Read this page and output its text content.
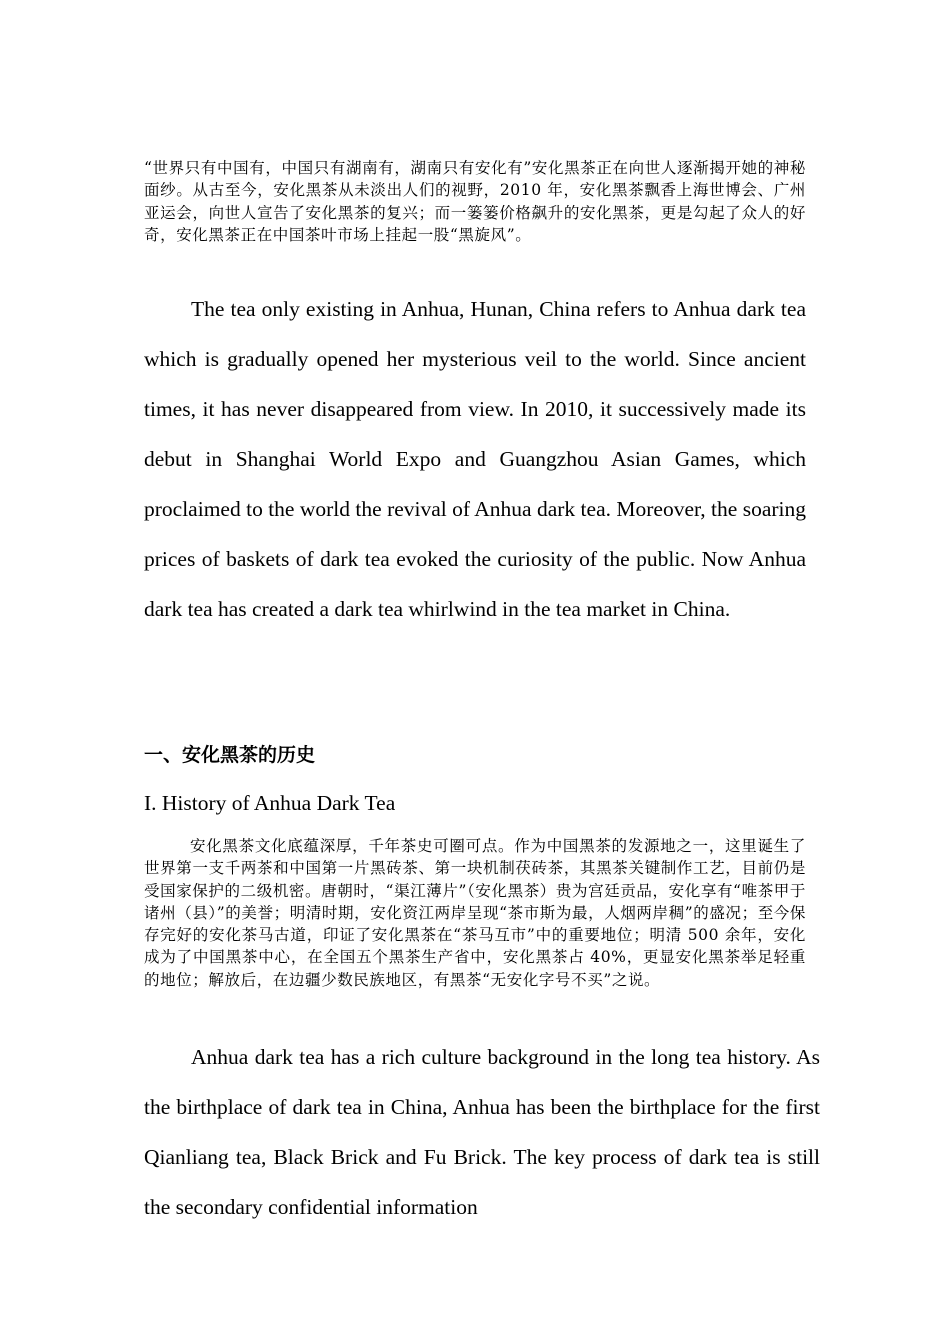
“世界只有中国有，中国只有湖南有，湖南只有安化有”安化黑茶正在向世人逐渐揭开她的神秘面纱。从古至今，安化黑茶从未淡出人们的视野，2010 年，安化黑茶飘香上海世博会、广州亚运会，向世人宣告了安化黑茶的复兴；而一篓篓价格飙升的安化黑茶，更是勾起了众人的好奇，安化黑茶正在中国茶叶市场上挂起一股“黑旋风”。

The tea only existing in Anhua, Hunan, China refers to Anhua dark tea which is gradually opened her mysterious veil to the world. Since ancient times, it has never disappeared from view. In 2010, it successively made its debut in Shanghai World Expo and Guangzhou Asian Games, which proclaimed to the world the revival of Anhua dark tea. Moreover, the soaring prices of baskets of dark tea evoked the curiosity of the public. Now Anhua dark tea has created a dark tea whirlwind in the tea market in China.

一、安化黑茶的历史
I. History of Anhua Dark Tea

安化黑茶文化底蕴深厚，千年茶史可圈可点。作为中国黑茶的发源地之一，这里诞生了世界第一支千两茶和中国第一片黑砖茶、第一块机制茯砖茶，其黑茶关键制作工艺，目前仍是受国家保护的二级机密。唐朝时，“渠江薄片”（安化黑茶）贵为宫廷贡品，安化享有“唯茶甲于诸州（县）”的美誉；明清时期，安化资江两岸呈现“茶市斯为最，人烟两岸稠”的盛况；至今保存完好的安化茶马古道，印证了安化黑茶在“茶马互市”中的重要地位；明清 500 余年，安化成为了中国黑茶中心，在全国五个黑茶生产省中，安化黑茶占 40%，更显安化黑茶举足轻重的地位；解放后，在边疆少数民族地区，有黑茶“无安化字号不买”之说。

Anhua dark tea has a rich culture background in the long tea history. As the birthplace of dark tea in China, Anhua has been the birthplace for the first Qianliang tea, Black Brick and Fu Brick. The key process of dark tea is still the secondary confidential information
